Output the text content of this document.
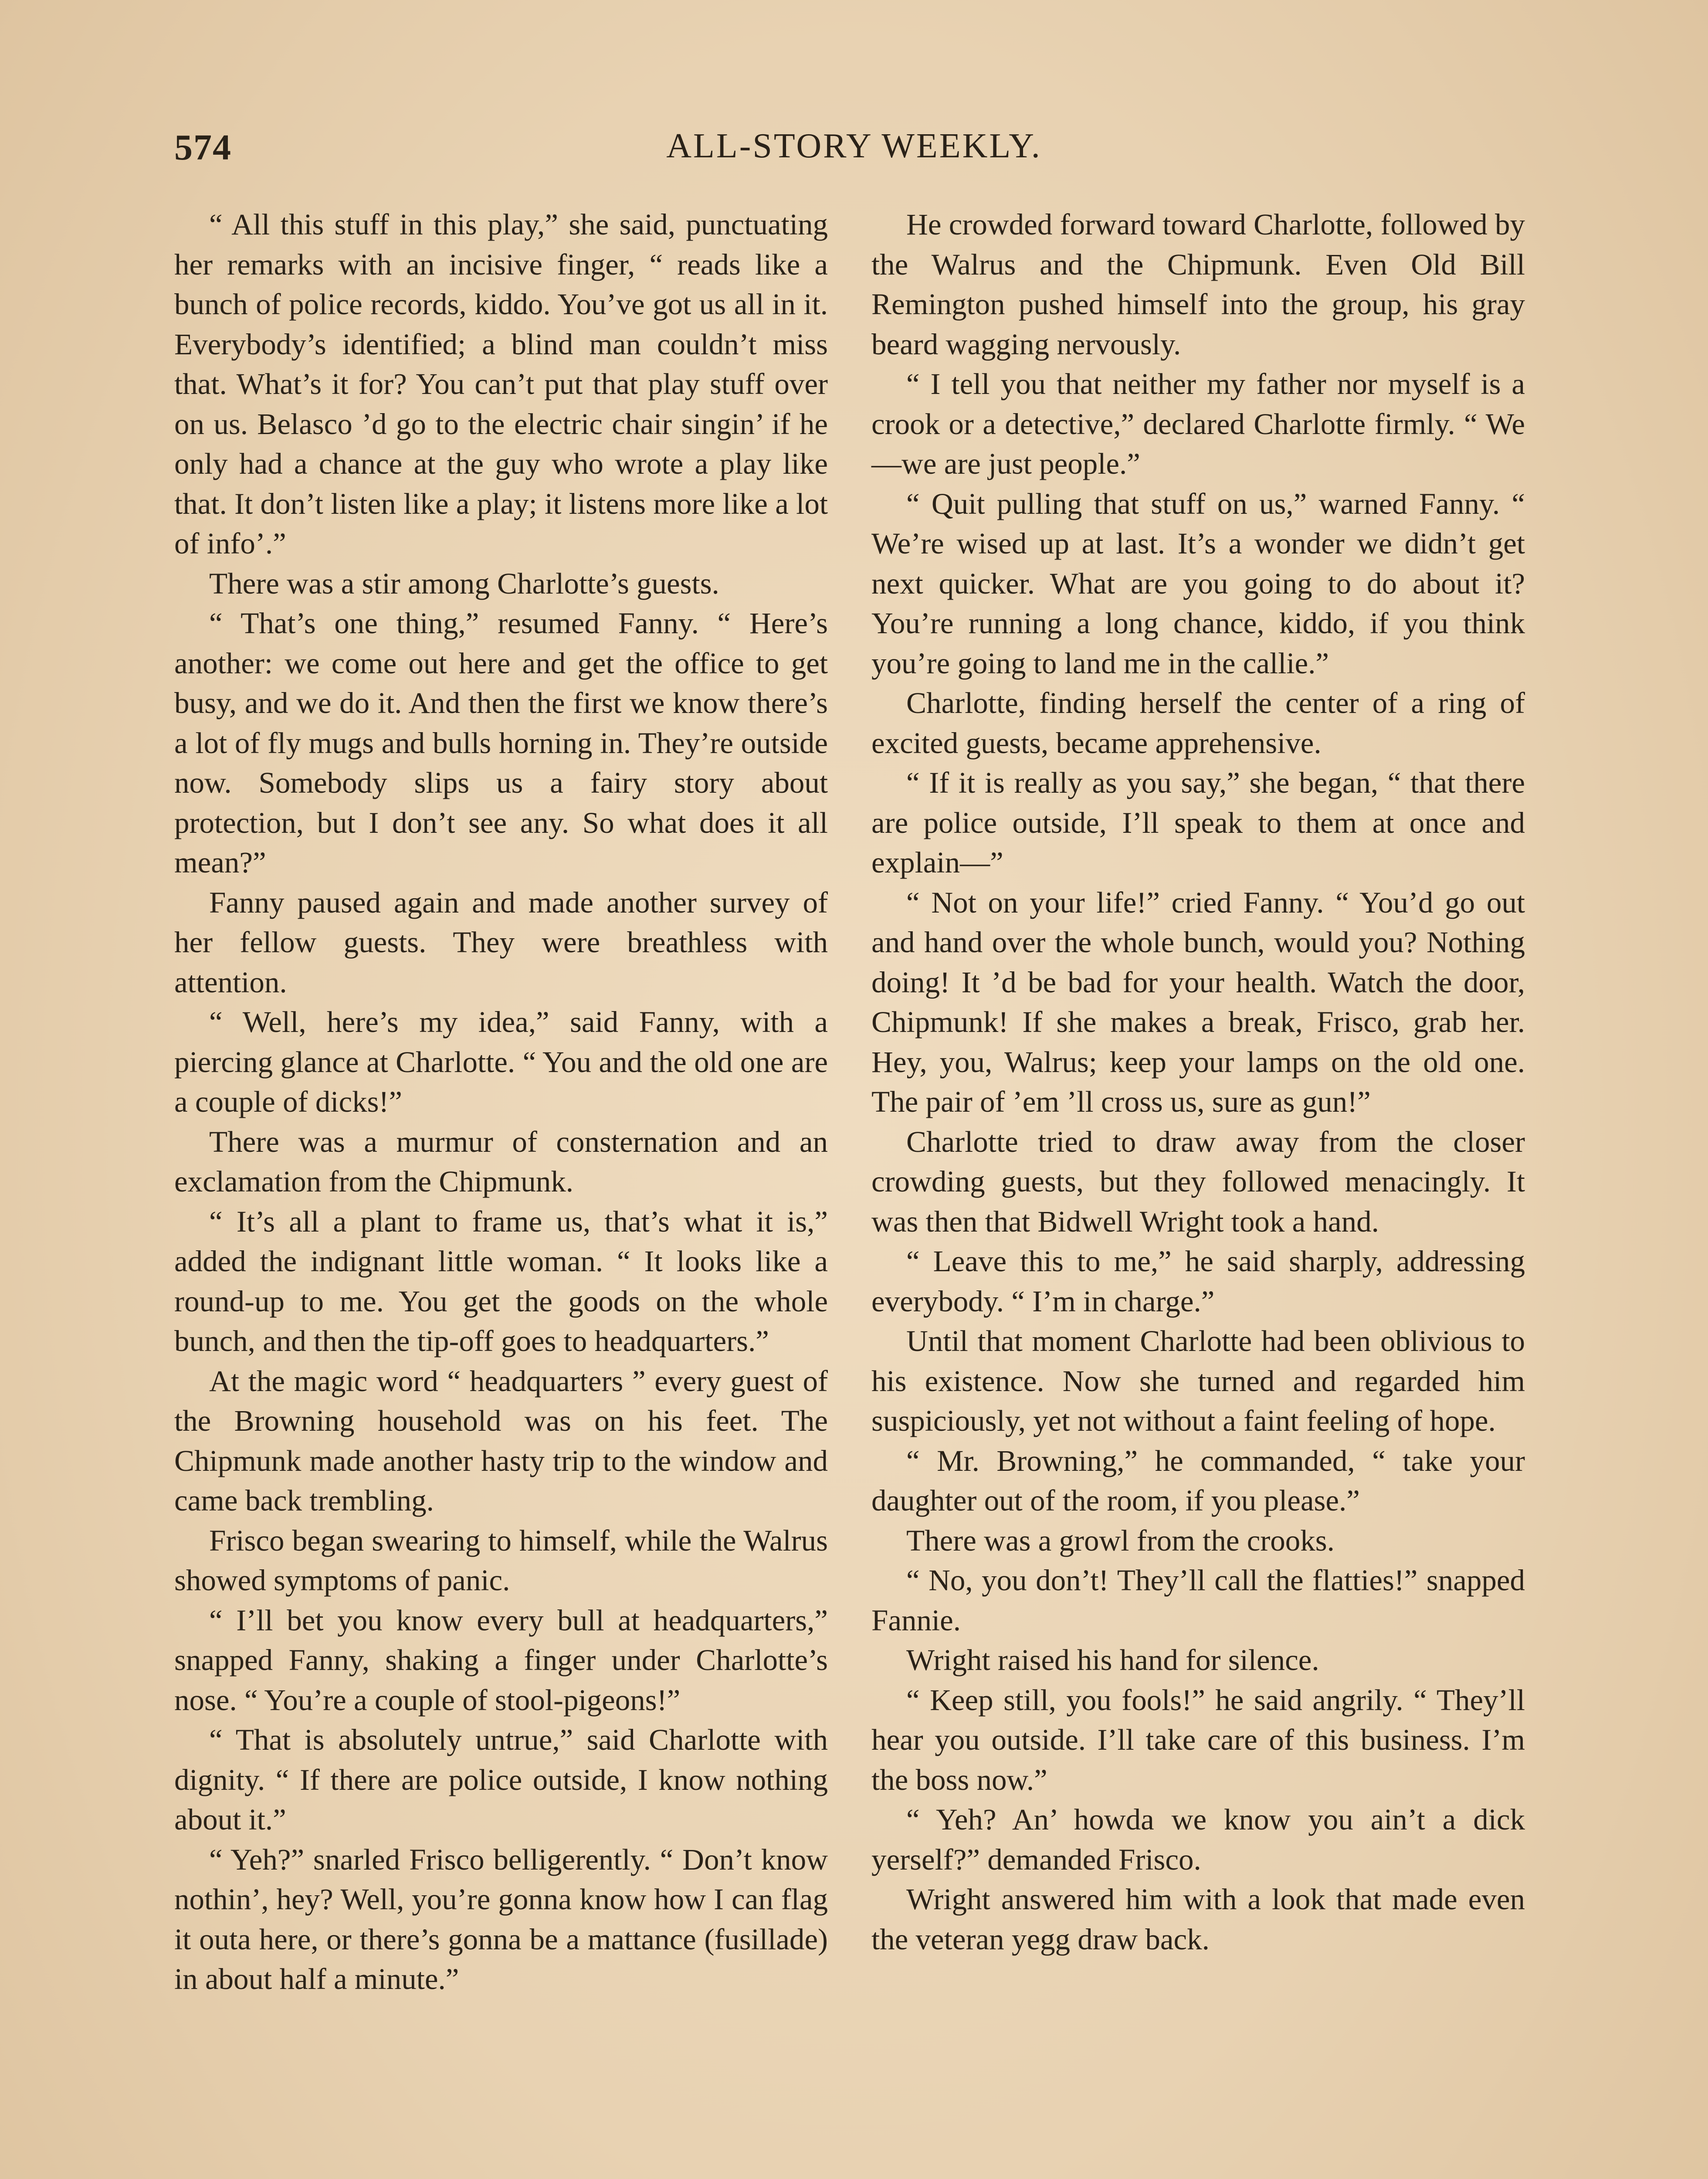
574	ALL-STORY WEEKLY.

“ All this stuff in this play,” she said, punctuating her remarks with an incisive finger, “ reads like a bunch of police records, kiddo. You’ve got us all in it. Everybody’s identified; a blind man couldn’t miss that. What’s it for? You can’t put that play stuff over on us. Belasco ’d go to the electric chair singin’ if he only had a chance at the guy who wrote a play like that. It don’t listen like a play; it listens more like a lot of info’.”

There was a stir among Charlotte’s guests.

“ That’s one thing,” resumed Fanny. “ Here’s another: we come out here and get the office to get busy, and we do it. And then the first we know there’s a lot of fly mugs and bulls horning in. They’re outside now. Somebody slips us a fairy story about protection, but I don’t see any. So what does it all mean?”

Fanny paused again and made another survey of her fellow guests. They were breathless with attention.

“ Well, here’s my idea,” said Fanny, with a piercing glance at Charlotte. “ You and the old one are a couple of dicks!”

There was a murmur of consternation and an exclamation from the Chipmunk.

“ It’s all a plant to frame us, that’s what it is,” added the indignant little woman. “ It looks like a round-up to me. You get the goods on the whole bunch, and then the tip-off goes to headquarters.”

At the magic word “ headquarters ” every guest of the Browning household was on his feet. The Chipmunk made another hasty trip to the window and came back trembling.

Frisco began swearing to himself, while the Walrus showed symptoms of panic.

“ I’ll bet you know every bull at headquarters,” snapped Fanny, shaking a finger under Charlotte’s nose. “ You’re a couple of stool-pigeons!”

“ That is absolutely untrue,” said Charlotte with dignity. “ If there are police outside, I know nothing about it.”

“ Yeh?” snarled Frisco belligerently. “ Don’t know nothin’, hey? Well, you’re gonna know how I can flag it outa here, or there’s gonna be a mattance (fusillade) in about half a minute.”

He crowded forward toward Charlotte, followed by the Walrus and the Chipmunk. Even Old Bill Remington pushed himself into the group, his gray beard wagging nervously.

“ I tell you that neither my father nor myself is a crook or a detective,” declared Charlotte firmly. “ We—we are just people.”

“ Quit pulling that stuff on us,” warned Fanny. “ We’re wised up at last. It’s a wonder we didn’t get next quicker. What are you going to do about it? You’re running a long chance, kiddo, if you think you’re going to land me in the callie.”

Charlotte, finding herself the center of a ring of excited guests, became apprehensive.

“ If it is really as you say,” she began, “ that there are police outside, I’ll speak to them at once and explain—”

“ Not on your life!” cried Fanny. “ You’d go out and hand over the whole bunch, would you? Nothing doing! It ’d be bad for your health. Watch the door, Chipmunk! If she makes a break, Frisco, grab her. Hey, you, Walrus; keep your lamps on the old one. The pair of ’em ’ll cross us, sure as gun!”

Charlotte tried to draw away from the closer crowding guests, but they followed menacingly. It was then that Bidwell Wright took a hand.

“ Leave this to me,” he said sharply, addressing everybody. “ I’m in charge.”

Until that moment Charlotte had been oblivious to his existence. Now she turned and regarded him suspiciously, yet not without a faint feeling of hope.

“ Mr. Browning,” he commanded, “ take your daughter out of the room, if you please.”

There was a growl from the crooks.

“ No, you don’t! They’ll call the flatties!” snapped Fannie.

Wright raised his hand for silence.

“ Keep still, you fools!” he said angrily. “ They’ll hear you outside. I’ll take care of this business. I’m the boss now.”

“ Yeh? An’ howda we know you ain’t a dick yerself?” demanded Frisco.

Wright answered him with a look that made even the veteran yegg draw back.
